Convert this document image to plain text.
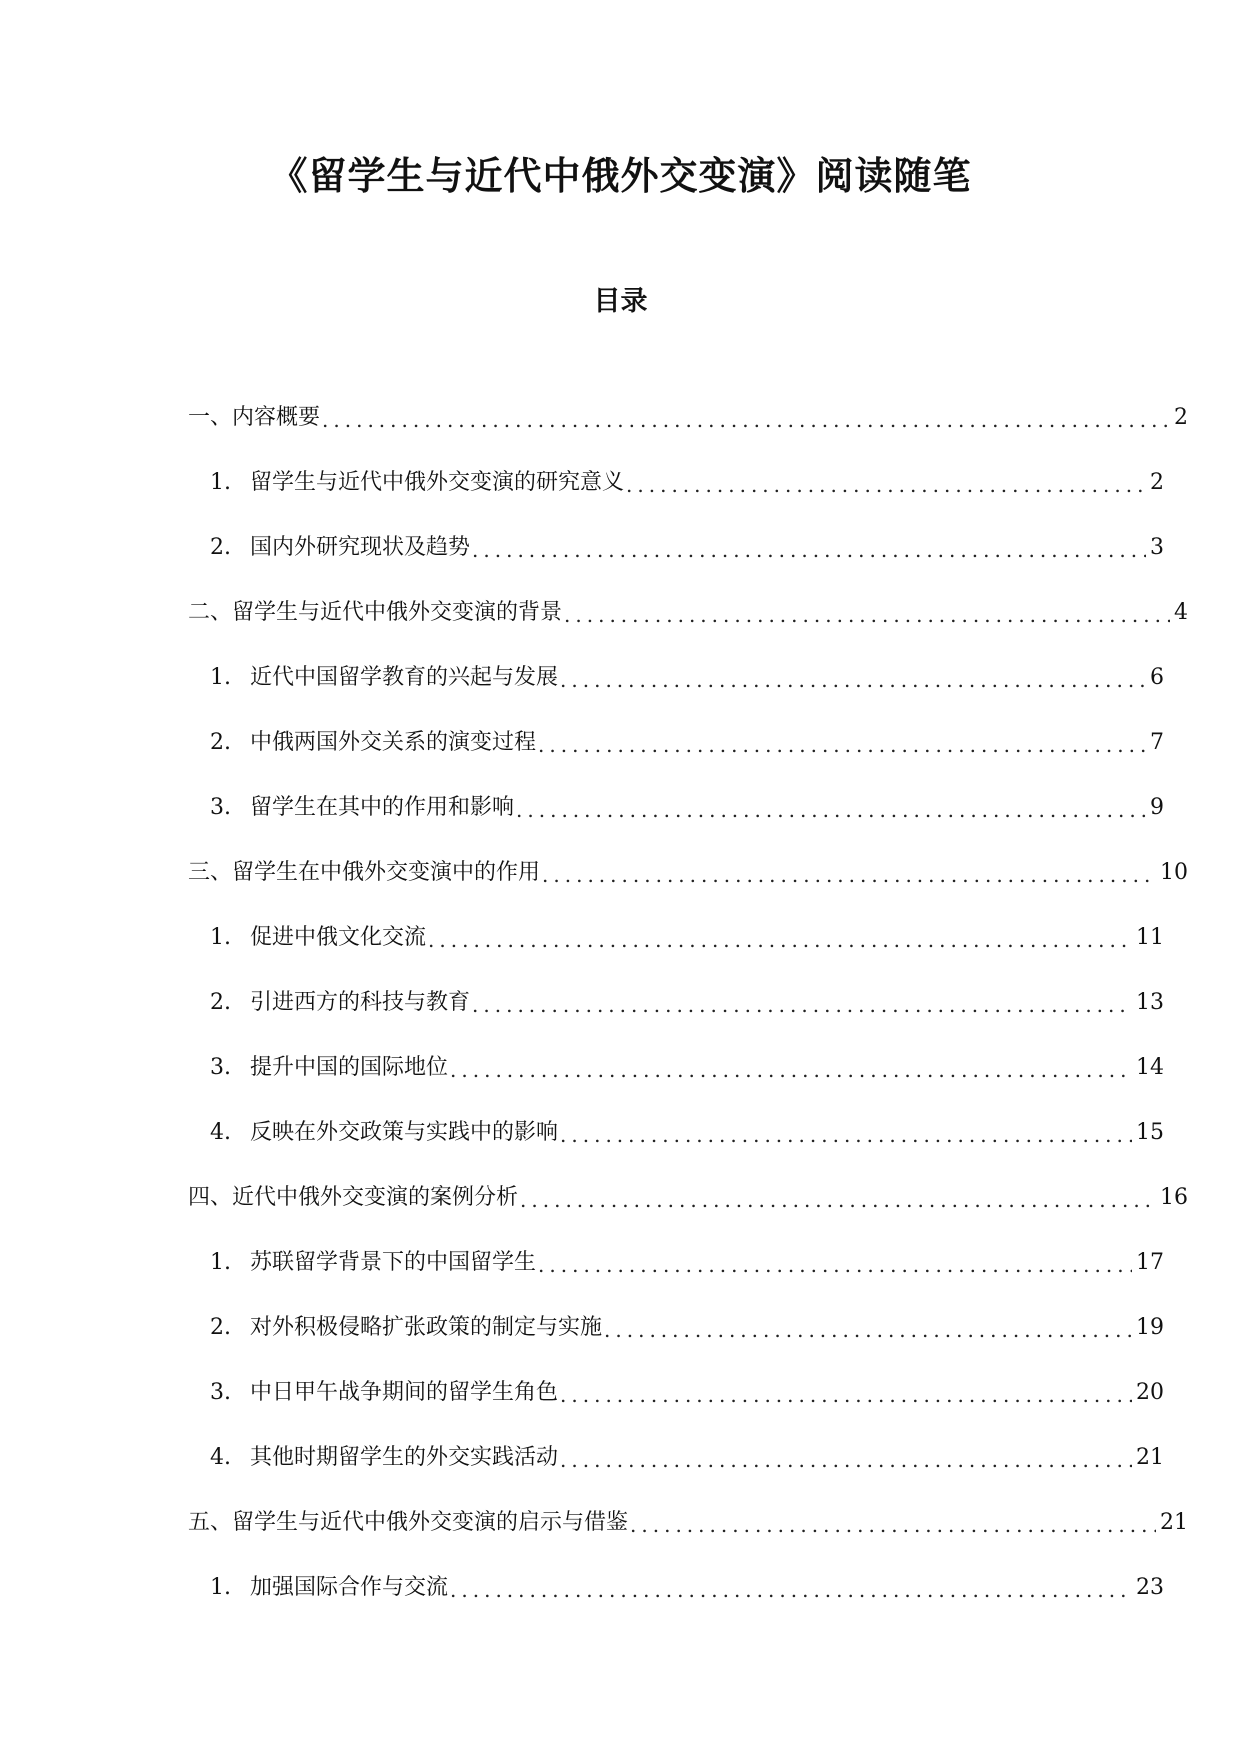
《留学生与近代中俄外交变演》阅读随笔
目录
一、内容概要 .....	2
1. 留学生与近代中俄外交变演的研究意义 .....	2
2. 国内外研究现状及趋势 .....	3
二、留学生与近代中俄外交变演的背景 .....	4
1. 近代中国留学教育的兴起与发展 .....	6
2. 中俄两国外交关系的演变过程 .....	7
3. 留学生在其中的作用和影响 .....	9
三、留学生在中俄外交变演中的作用 .....	10
1. 促进中俄文化交流 .....	11
2. 引进西方的科技与教育 .....	13
3. 提升中国的国际地位 .....	14
4. 反映在外交政策与实践中的影响 .....	15
四、近代中俄外交变演的案例分析 .....	16
1. 苏联留学背景下的中国留学生 .....	17
2. 对外积极侵略扩张政策的制定与实施 .....	19
3. 中日甲午战争期间的留学生角色 .....	20
4. 其他时期留学生的外交实践活动 .....	21
五、留学生与近代中俄外交变演的启示与借鉴 .....	21
1. 加强国际合作与交流 .....	23
